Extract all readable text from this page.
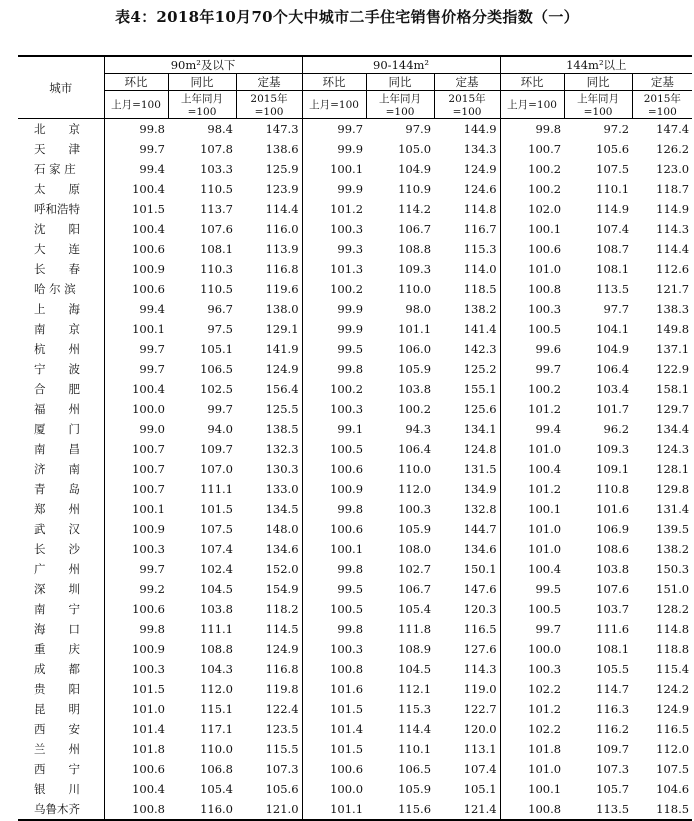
表4：2018年10月70个大中城市二手住宅销售价格分类指数（一）
城市	90m²及以下			90-144m²			144m²以上		
	环比	同比	定基	环比	同比	定基	环比	同比	定基
	上月=100	上年同月=100	2015年=100	上月=100	上年同月=100	2015年=100	上月=100	上年同月=100	2015年=100
北　　京	99.8	98.4	147.3	99.7	97.9	144.9	99.8	97.2	147.4
天　　津	99.7	107.8	138.6	99.9	105.0	134.3	100.7	105.6	126.2
石 家 庄	99.4	103.3	125.9	100.1	104.9	124.9	100.2	107.5	123.0
太　　原	100.4	110.5	123.9	99.9	110.9	124.6	100.2	110.1	118.7
呼和浩特	101.5	113.7	114.4	101.2	114.2	114.8	102.0	114.9	114.9
沈　　阳	100.4	107.6	116.0	100.3	106.7	116.7	100.1	107.4	114.3
大　　连	100.6	108.1	113.9	99.3	108.8	115.3	100.6	108.7	114.4
长　　春	100.9	110.3	116.8	101.3	109.3	114.0	101.0	108.1	112.6
哈 尔 滨	100.6	110.5	119.6	100.2	110.0	118.5	100.8	113.5	121.7
上　　海	99.4	96.7	138.0	99.9	98.0	138.2	100.3	97.7	138.3
南　　京	100.1	97.5	129.1	99.9	101.1	141.4	100.5	104.1	149.8
杭　　州	99.7	105.1	141.9	99.5	106.0	142.3	99.6	104.9	137.1
宁　　波	99.7	106.5	124.9	99.8	105.9	125.2	99.7	106.4	122.9
合　　肥	100.4	102.5	156.4	100.2	103.8	155.1	100.2	103.4	158.1
福　　州	100.0	99.7	125.5	100.3	100.2	125.6	101.2	101.7	129.7
厦　　门	99.0	94.0	138.5	99.1	94.3	134.1	99.4	96.2	134.4
南　　昌	100.7	109.7	132.3	100.5	106.4	124.8	101.0	109.3	124.3
济　　南	100.7	107.0	130.3	100.6	110.0	131.5	100.4	109.1	128.1
青　　岛	100.7	111.1	133.0	100.9	112.0	134.9	101.2	110.8	129.8
郑　　州	100.1	101.5	134.5	99.8	100.3	132.8	100.1	101.6	131.4
武　　汉	100.9	107.5	148.0	100.6	105.9	144.7	101.0	106.9	139.5
长　　沙	100.3	107.4	134.6	100.1	108.0	134.6	101.0	108.6	138.2
广　　州	99.7	102.4	152.0	99.8	102.7	150.1	100.4	103.8	150.3
深　　圳	99.2	104.5	154.9	99.5	106.7	147.6	99.5	107.6	151.0
南　　宁	100.6	103.8	118.2	100.5	105.4	120.3	100.5	103.7	128.2
海　　口	99.8	111.1	114.5	99.8	111.8	116.5	99.7	111.6	114.8
重　　庆	100.9	108.8	124.9	100.3	108.9	127.6	100.0	108.1	118.8
成　　都	100.3	104.3	116.8	100.8	104.5	114.3	100.3	105.5	115.4
贵　　阳	101.5	112.0	119.8	101.6	112.1	119.0	102.2	114.7	124.2
昆　　明	101.0	115.1	122.4	101.5	115.3	122.7	101.2	116.3	124.9
西　　安	101.4	117.1	123.5	101.4	114.4	120.0	102.2	116.2	116.5
兰　　州	101.8	110.0	115.5	101.5	110.1	113.1	101.8	109.7	112.0
西　　宁	100.6	106.8	107.3	100.6	106.5	107.4	101.0	107.3	107.5
银　　川	100.4	105.4	105.6	100.0	105.9	105.1	100.1	105.7	104.6
乌鲁木齐	100.8	116.0	121.0	101.1	115.6	121.4	100.8	113.5	118.5
